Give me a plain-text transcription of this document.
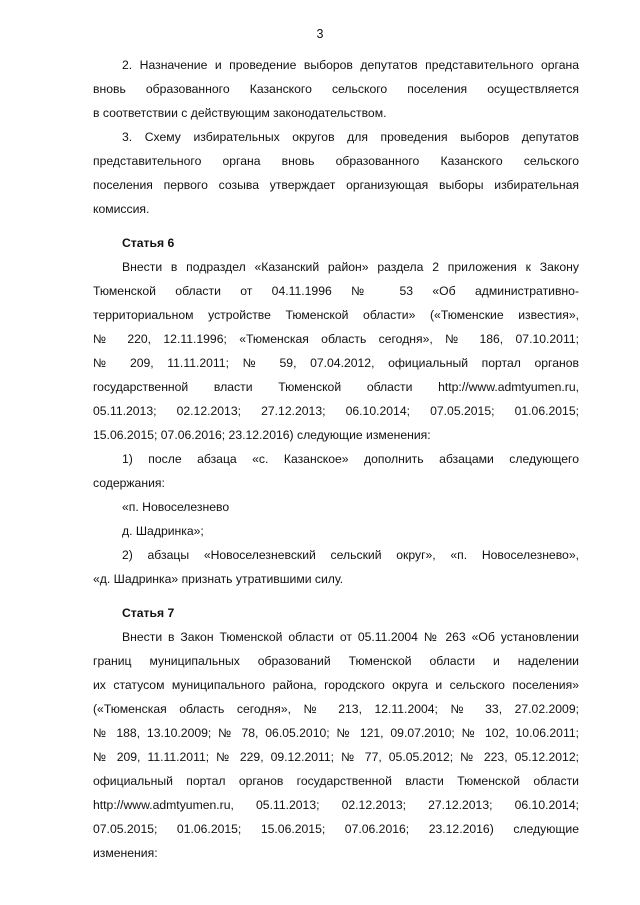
3
2. Назначение и проведение выборов депутатов представительного органа
вновь образованного Казанского сельского поселения осуществляется
в соответствии с действующим законодательством.
3. Схему избирательных округов для проведения выборов депутатов
представительного органа вновь образованного Казанского сельского
поселения первого созыва утверждает организующая выборы избирательная
комиссия.
Статья 6
Внести в подраздел «Казанский район» раздела 2 приложения к Закону
Тюменской области от 04.11.1996 № 53 «Об административно-
территориальном устройстве Тюменской области» («Тюменские известия»,
№ 220, 12.11.1996; «Тюменская область сегодня», № 186, 07.10.2011;
№ 209, 11.11.2011; № 59, 07.04.2012, официальный портал органов
государственной власти Тюменской области http://www.admtyumen.ru,
05.11.2013; 02.12.2013; 27.12.2013; 06.10.2014; 07.05.2015; 01.06.2015;
15.06.2015; 07.06.2016; 23.12.2016) следующие изменения:
1) после абзаца «с. Казанское» дополнить абзацами следующего
содержания:
«п. Новоселезнево
д. Шадринка»;
2) абзацы «Новоселезневский сельский округ», «п. Новоселезнево»,
«д. Шадринка» признать утратившими силу.
Статья 7
Внести в Закон Тюменской области от 05.11.2004 № 263 «Об установлении
границ муниципальных образований Тюменской области и наделении
их статусом муниципального района, городского округа и сельского поселения»
(«Тюменская область сегодня», № 213, 12.11.2004; № 33, 27.02.2009;
№ 188, 13.10.2009; № 78, 06.05.2010; № 121, 09.07.2010; № 102, 10.06.2011;
№ 209, 11.11.2011; № 229, 09.12.2011; № 77, 05.05.2012; № 223, 05.12.2012;
официальный портал органов государственной власти Тюменской области
http://www.admtyumen.ru, 05.11.2013; 02.12.2013; 27.12.2013; 06.10.2014;
07.05.2015; 01.06.2015; 15.06.2015; 07.06.2016; 23.12.2016) следующие
изменения:
